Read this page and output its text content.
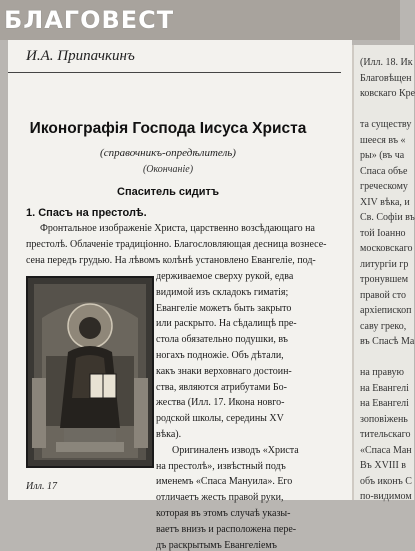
БЛАГОВЕСТ
(Илл. 18. Ик
Благовѣщен
ковскаго Кре
та существу
шееся въ «
ры» (въ ча
Спаса объе
греческому
XIV вѣка, и
Св. Софіи въ
той Іоанно
московскаго
литургіи гр
тронувшем
правой сто
архіепископ
саву греко,
въ Спасѣ Ма
на правую
на Евангелі
на Евангелі
зоповіжень
тительскаго
«Спаса Ман
Въ XVIII в
объ иконъ С
по-видимом
И.А. Припачкинъ
Иконографія Господа Іисуса Христа
(справочникъ-опредѣлитель)
(Окончаніе)
Спаситель сидитъ
1. Спасъ на престолѣ.
Фронтальное изображеніе Христа, царственно возсѣдающаго на
престолѣ. Облаченіе традиціонно. Благословляющая десница вознесе-
сена передъ грудью. На лѣвомъ колѣнѣ установлено Евангеліе, под-
держиваемое сверху рукой, едва
видимой изъ складокъ гиматія;
Евангеліе можетъ быть закрыто
или раскрыто. На сѣдалищѣ пре-
стола обязательно подушки, въ
ногахъ подножіе. Объ дѣтали,
какъ знаки верховнаго достоин-
ства, являются атрибутами Бо-
жества (Илл. 17. Икона новго-
родской школы, середины XV
вѣка).
Оригиналенъ изводъ «Христа
на престолѣ», извѣстный подъ
именемъ «Спаса Мануила». Его
отличаетъ жесть правой руки,
которая въ этомъ случаѣ указы-
ваетъ внизъ и расположена пере-
дъ раскрытымъ Евангеліемъ
Илл. 17
